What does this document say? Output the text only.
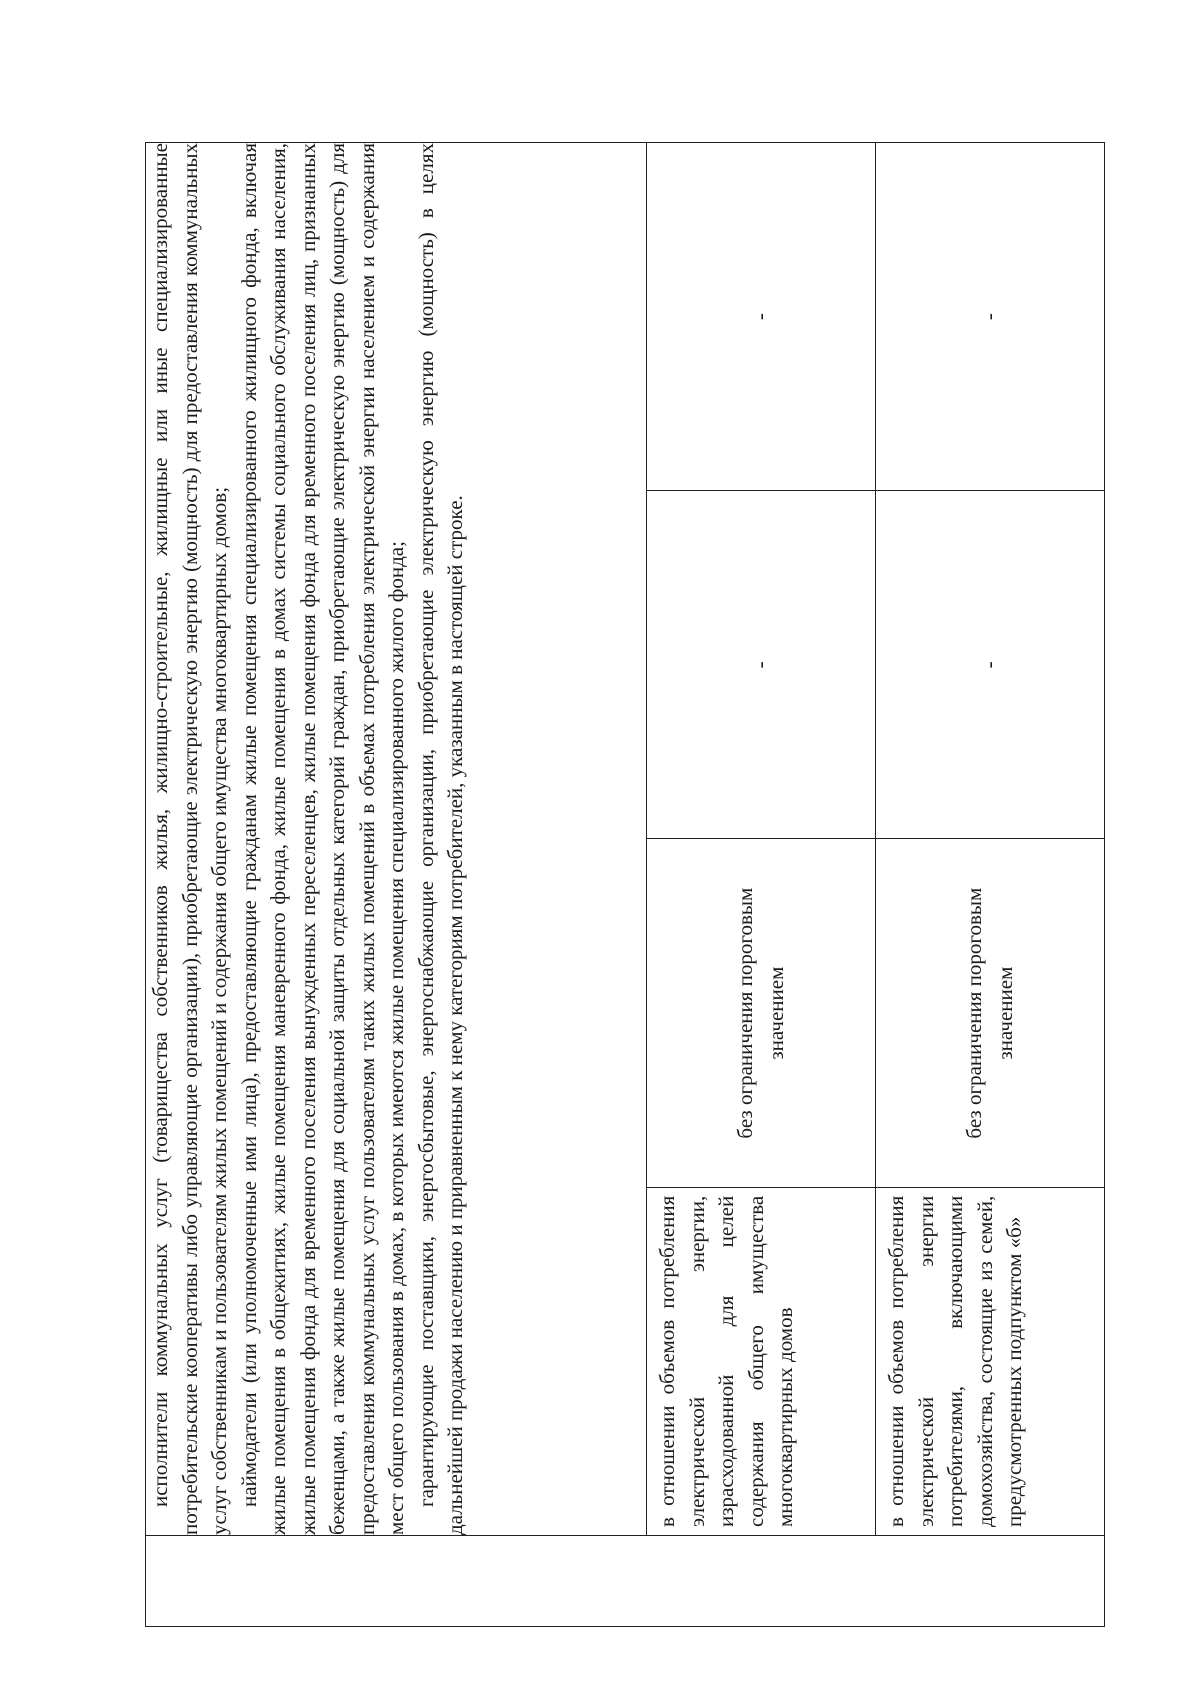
	исполнители коммунальных услуг (товарищества собственников жилья, жилищно-строительные, жилищные или иные специализированные потребительские кооперативы либо управляющие организации), приобретающие электрическую энергию (мощность) для предоставления коммунальных услуг собственникам и пользователям жилых помещений и содержания общего имущества многоквартирных домов; наймодатели (или уполномоченные ими лица), предоставляющие гражданам жилые помещения специализированного жилищного фонда, включая жилые помещения в общежитиях, жилые помещения маневренного фонда, жилые помещения в домах системы социального обслуживания населения, жилые помещения фонда для временного поселения вынужденных переселенцев, жилые помещения фонда для временного поселения лиц, признанных беженцами, а также жилые помещения для социальной защиты отдельных категорий граждан, приобретающие электрическую энергию (мощность) для предоставления коммунальных услуг пользователям таких жилых помещений в объемах потребления электрической энергии населением и содержания мест общего пользования в домах, в которых имеются жилые помещения специализированного жилого фонда; гарантирующие поставщики, энергосбытовые, энергоснабжающие организации, приобретающие электрическую энергию (мощность) в целях дальнейшей продажи населению и приравненным к нему категориям потребителей, указанным в настоящей строке.			

	в отношении объемов потребления электрической энергии, израсходованной для целей содержания общего имущества многоквартирных домов	без ограничения пороговым значением	-	-
	в отношении объемов потребления электрической энергии потребителями, включающими домохозяйства, состоящие из семей, предусмотренных подпунктом «б»	без ограничения пороговым значением	-	-
